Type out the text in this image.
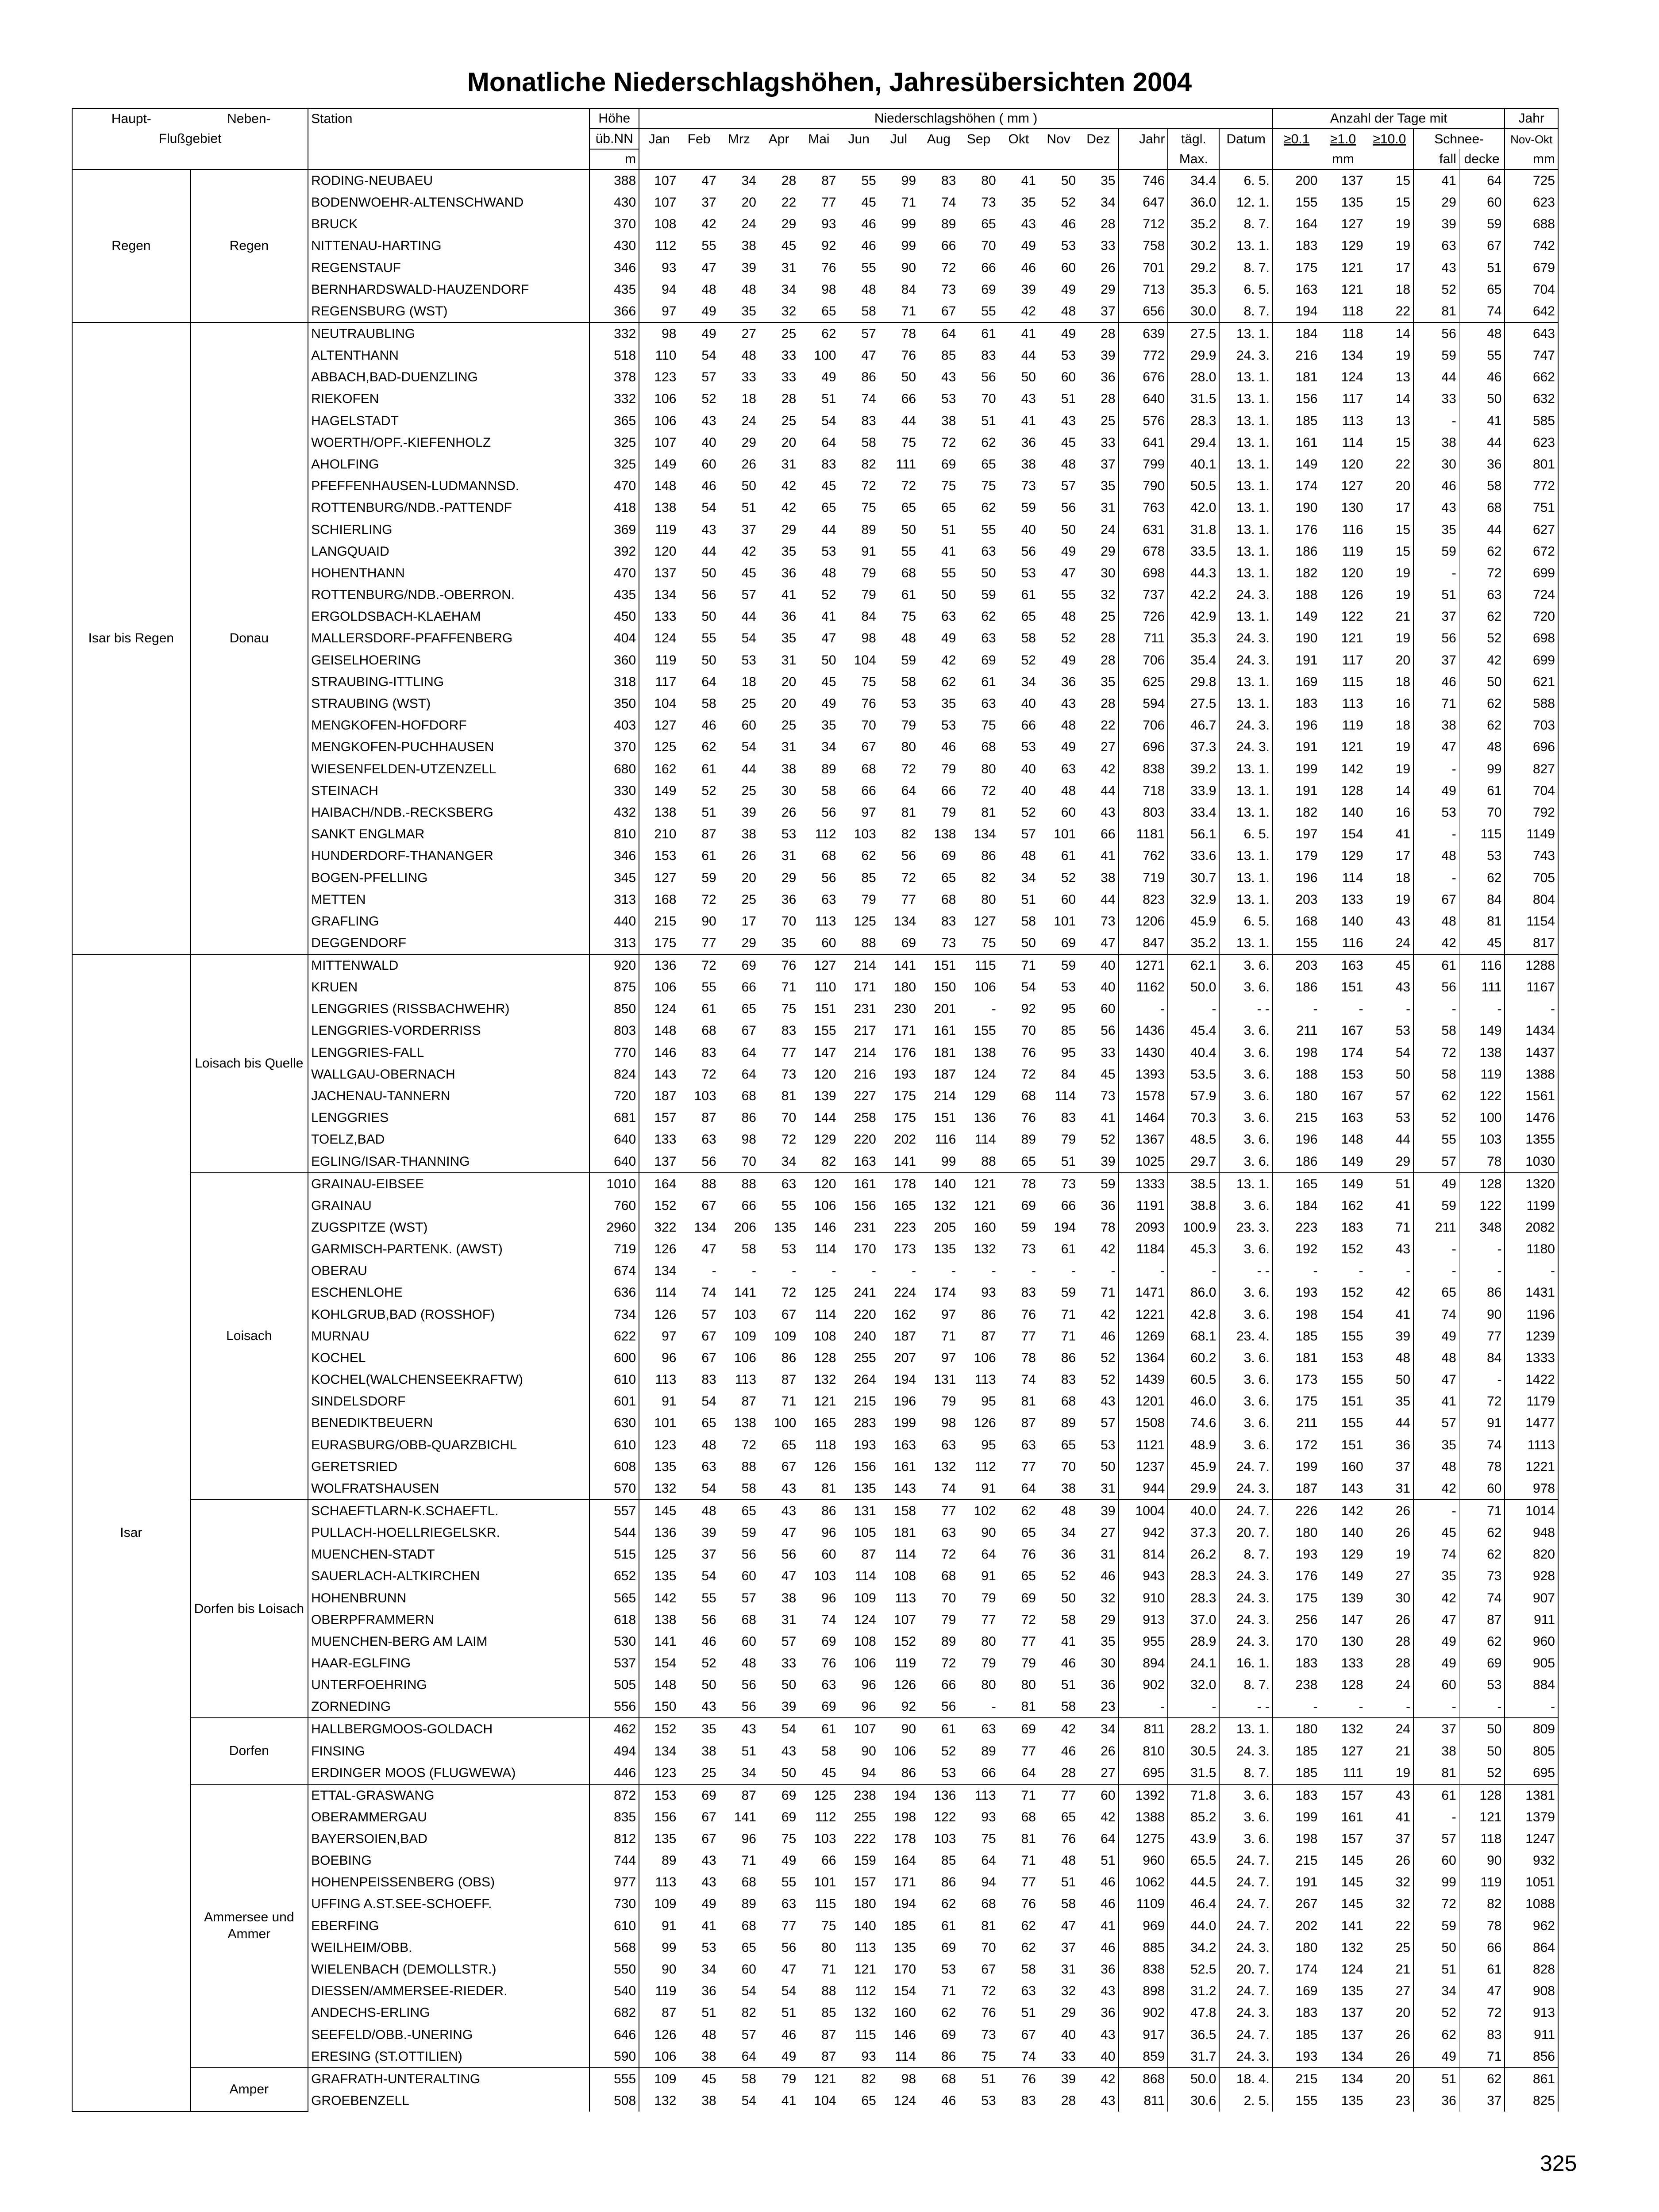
Monatliche Niederschlagshöhen, Jahresübersichten 2004
Haupt-	Neben-	Station	Höhe	Niederschlagshöhen ( mm )															Anzahl der Tage mit					Jahr
Flußgebiet			üb.NN	Jan	Feb	Mrz	Apr	Mai	Jun	Jul	Aug	Sep	Okt	Nov	Dez	Jahr	tägl.	Datum	≥0.1	≥1.0	≥10.0	Schnee-		Nov-Okt
			m														Max.		mm			fall	decke	mm
Regen	Regen	RODING-NEUBAEU	388	107	47	34	28	87	55	99	83	80	41	50	35	746	34.4	6. 5.	200	137	15	41	64	725
		BODENWOEHR-ALTENSCHWAND	430	107	37	20	22	77	45	71	74	73	35	52	34	647	36.0	12. 1.	155	135	15	29	60	623
		BRUCK	370	108	42	24	29	93	46	99	89	65	43	46	28	712	35.2	8. 7.	164	127	19	39	59	688
		NITTENAU-HARTING	430	112	55	38	45	92	46	99	66	70	49	53	33	758	30.2	13. 1.	183	129	19	63	67	742
		REGENSTAUF	346	93	47	39	31	76	55	90	72	66	46	60	26	701	29.2	8. 7.	175	121	17	43	51	679
		BERNHARDSWALD-HAUZENDORF	435	94	48	48	34	98	48	84	73	69	39	49	29	713	35.3	6. 5.	163	121	18	52	65	704
		REGENSBURG (WST)	366	97	49	35	32	65	58	71	67	55	42	48	37	656	30.0	8. 7.	194	118	22	81	74	642
Isar bis Regen	Donau	NEUTRAUBLING	332	98	49	27	25	62	57	78	64	61	41	49	28	639	27.5	13. 1.	184	118	14	56	48	643
		ALTENTHANN	518	110	54	48	33	100	47	76	85	83	44	53	39	772	29.9	24. 3.	216	134	19	59	55	747
		ABBACH,BAD-DUENZLING	378	123	57	33	33	49	86	50	43	56	50	60	36	676	28.0	13. 1.	181	124	13	44	46	662
		RIEKOFEN	332	106	52	18	28	51	74	66	53	70	43	51	28	640	31.5	13. 1.	156	117	14	33	50	632
		HAGELSTADT	365	106	43	24	25	54	83	44	38	51	41	43	25	576	28.3	13. 1.	185	113	13	-	41	585
		WOERTH/OPF.-KIEFENHOLZ	325	107	40	29	20	64	58	75	72	62	36	45	33	641	29.4	13. 1.	161	114	15	38	44	623
		AHOLFING	325	149	60	26	31	83	82	111	69	65	38	48	37	799	40.1	13. 1.	149	120	22	30	36	801
		PFEFFENHAUSEN-LUDMANNSD.	470	148	46	50	42	45	72	72	75	75	73	57	35	790	50.5	13. 1.	174	127	20	46	58	772
		ROTTENBURG/NDB.-PATTENDF	418	138	54	51	42	65	75	65	65	62	59	56	31	763	42.0	13. 1.	190	130	17	43	68	751
		SCHIERLING	369	119	43	37	29	44	89	50	51	55	40	50	24	631	31.8	13. 1.	176	116	15	35	44	627
		LANGQUAID	392	120	44	42	35	53	91	55	41	63	56	49	29	678	33.5	13. 1.	186	119	15	59	62	672
		HOHENTHANN	470	137	50	45	36	48	79	68	55	50	53	47	30	698	44.3	13. 1.	182	120	19	-	72	699
		ROTTENBURG/NDB.-OBERRON.	435	134	56	57	41	52	79	61	50	59	61	55	32	737	42.2	24. 3.	188	126	19	51	63	724
		ERGOLDSBACH-KLAEHAM	450	133	50	44	36	41	84	75	63	62	65	48	25	726	42.9	13. 1.	149	122	21	37	62	720
		MALLERSDORF-PFAFFENBERG	404	124	55	54	35	47	98	48	49	63	58	52	28	711	35.3	24. 3.	190	121	19	56	52	698
		GEISELHOERING	360	119	50	53	31	50	104	59	42	69	52	49	28	706	35.4	24. 3.	191	117	20	37	42	699
		STRAUBING-ITTLING	318	117	64	18	20	45	75	58	62	61	34	36	35	625	29.8	13. 1.	169	115	18	46	50	621
		STRAUBING (WST)	350	104	58	25	20	49	76	53	35	63	40	43	28	594	27.5	13. 1.	183	113	16	71	62	588
		MENGKOFEN-HOFDORF	403	127	46	60	25	35	70	79	53	75	66	48	22	706	46.7	24. 3.	196	119	18	38	62	703
		MENGKOFEN-PUCHHAUSEN	370	125	62	54	31	34	67	80	46	68	53	49	27	696	37.3	24. 3.	191	121	19	47	48	696
		WIESENFELDEN-UTZENZELL	680	162	61	44	38	89	68	72	79	80	40	63	42	838	39.2	13. 1.	199	142	19	-	99	827
		STEINACH	330	149	52	25	30	58	66	64	66	72	40	48	44	718	33.9	13. 1.	191	128	14	49	61	704
		HAIBACH/NDB.-RECKSBERG	432	138	51	39	26	56	97	81	79	81	52	60	43	803	33.4	13. 1.	182	140	16	53	70	792
		SANKT ENGLMAR	810	210	87	38	53	112	103	82	138	134	57	101	66	1181	56.1	6. 5.	197	154	41	-	115	1149
		HUNDERDORF-THANANGER	346	153	61	26	31	68	62	56	69	86	48	61	41	762	33.6	13. 1.	179	129	17	48	53	743
		BOGEN-PFELLING	345	127	59	20	29	56	85	72	65	82	34	52	38	719	30.7	13. 1.	196	114	18	-	62	705
		METTEN	313	168	72	25	36	63	79	77	68	80	51	60	44	823	32.9	13. 1.	203	133	19	67	84	804
		GRAFLING	440	215	90	17	70	113	125	134	83	127	58	101	73	1206	45.9	6. 5.	168	140	43	48	81	1154
		DEGGENDORF	313	175	77	29	35	60	88	69	73	75	50	69	47	847	35.2	13. 1.	155	116	24	42	45	817
Isar	Loisach bis Quelle	MITTENWALD	920	136	72	69	76	127	214	141	151	115	71	59	40	1271	62.1	3. 6.	203	163	45	61	116	1288
		KRUEN	875	106	55	66	71	110	171	180	150	106	54	53	40	1162	50.0	3. 6.	186	151	43	56	111	1167
		LENGGRIES (RISSBACHWEHR)	850	124	61	65	75	151	231	230	201	-	92	95	60	-	-	- -	-	-	-	-	-	-
		LENGGRIES-VORDERRISS	803	148	68	67	83	155	217	171	161	155	70	85	56	1436	45.4	3. 6.	211	167	53	58	149	1434
		LENGGRIES-FALL	770	146	83	64	77	147	214	176	181	138	76	95	33	1430	40.4	3. 6.	198	174	54	72	138	1437
		WALLGAU-OBERNACH	824	143	72	64	73	120	216	193	187	124	72	84	45	1393	53.5	3. 6.	188	153	50	58	119	1388
		JACHENAU-TANNERN	720	187	103	68	81	139	227	175	214	129	68	114	73	1578	57.9	3. 6.	180	167	57	62	122	1561
		LENGGRIES	681	157	87	86	70	144	258	175	151	136	76	83	41	1464	70.3	3. 6.	215	163	53	52	100	1476
		TOELZ,BAD	640	133	63	98	72	129	220	202	116	114	89	79	52	1367	48.5	3. 6.	196	148	44	55	103	1355
		EGLING/ISAR-THANNING	640	137	56	70	34	82	163	141	99	88	65	51	39	1025	29.7	3. 6.	186	149	29	57	78	1030
	Loisach	GRAINAU-EIBSEE	1010	164	88	88	63	120	161	178	140	121	78	73	59	1333	38.5	13. 1.	165	149	51	49	128	1320
		GRAINAU	760	152	67	66	55	106	156	165	132	121	69	66	36	1191	38.8	3. 6.	184	162	41	59	122	1199
		ZUGSPITZE (WST)	2960	322	134	206	135	146	231	223	205	160	59	194	78	2093	100.9	23. 3.	223	183	71	211	348	2082
		GARMISCH-PARTENK. (AWST)	719	126	47	58	53	114	170	173	135	132	73	61	42	1184	45.3	3. 6.	192	152	43	-	-	1180
		OBERAU	674	134	-	-	-	-	-	-	-	-	-	-	-	-	-	- -	-	-	-	-	-	-
		ESCHENLOHE	636	114	74	141	72	125	241	224	174	93	83	59	71	1471	86.0	3. 6.	193	152	42	65	86	1431
		KOHLGRUB,BAD (ROSSHOF)	734	126	57	103	67	114	220	162	97	86	76	71	42	1221	42.8	3. 6.	198	154	41	74	90	1196
		MURNAU	622	97	67	109	109	108	240	187	71	87	77	71	46	1269	68.1	23. 4.	185	155	39	49	77	1239
		KOCHEL	600	96	67	106	86	128	255	207	97	106	78	86	52	1364	60.2	3. 6.	181	153	48	48	84	1333
		KOCHEL(WALCHENSEEKRAFTW)	610	113	83	113	87	132	264	194	131	113	74	83	52	1439	60.5	3. 6.	173	155	50	47	-	1422
		SINDELSDORF	601	91	54	87	71	121	215	196	79	95	81	68	43	1201	46.0	3. 6.	175	151	35	41	72	1179
		BENEDIKTBEUERN	630	101	65	138	100	165	283	199	98	126	87	89	57	1508	74.6	3. 6.	211	155	44	57	91	1477
		EURASBURG/OBB-QUARZBICHL	610	123	48	72	65	118	193	163	63	95	63	65	53	1121	48.9	3. 6.	172	151	36	35	74	1113
		GERETSRIED	608	135	63	88	67	126	156	161	132	112	77	70	50	1237	45.9	24. 7.	199	160	37	48	78	1221
		WOLFRATSHAUSEN	570	132	54	58	43	81	135	143	74	91	64	38	31	944	29.9	24. 3.	187	143	31	42	60	978
	Dorfen bis Loisach	SCHAEFTLARN-K.SCHAEFTL.	557	145	48	65	43	86	131	158	77	102	62	48	39	1004	40.0	24. 7.	226	142	26	-	71	1014
		PULLACH-HOELLRIEGELSKR.	544	136	39	59	47	96	105	181	63	90	65	34	27	942	37.3	20. 7.	180	140	26	45	62	948
		MUENCHEN-STADT	515	125	37	56	56	60	87	114	72	64	76	36	31	814	26.2	8. 7.	193	129	19	74	62	820
		SAUERLACH-ALTKIRCHEN	652	135	54	60	47	103	114	108	68	91	65	52	46	943	28.3	24. 3.	176	149	27	35	73	928
		HOHENBRUNN	565	142	55	57	38	96	109	113	70	79	69	50	32	910	28.3	24. 3.	175	139	30	42	74	907
		OBERPFRAMMERN	618	138	56	68	31	74	124	107	79	77	72	58	29	913	37.0	24. 3.	256	147	26	47	87	911
		MUENCHEN-BERG AM LAIM	530	141	46	60	57	69	108	152	89	80	77	41	35	955	28.9	24. 3.	170	130	28	49	62	960
		HAAR-EGLFING	537	154	52	48	33	76	106	119	72	79	79	46	30	894	24.1	16. 1.	183	133	28	49	69	905
		UNTERFOEHRING	505	148	50	56	50	63	96	126	66	80	80	51	36	902	32.0	8. 7.	238	128	24	60	53	884
		ZORNEDING	556	150	43	56	39	69	96	92	56	-	81	58	23	-	-	- -	-	-	-	-	-	-
	Dorfen	HALLBERGMOOS-GOLDACH	462	152	35	43	54	61	107	90	61	63	69	42	34	811	28.2	13. 1.	180	132	24	37	50	809
		FINSING	494	134	38	51	43	58	90	106	52	89	77	46	26	810	30.5	24. 3.	185	127	21	38	50	805
		ERDINGER MOOS (FLUGWEWA)	446	123	25	34	50	45	94	86	53	66	64	28	27	695	31.5	8. 7.	185	111	19	81	52	695
	Ammersee und Ammer	ETTAL-GRASWANG	872	153	69	87	69	125	238	194	136	113	71	77	60	1392	71.8	3. 6.	183	157	43	61	128	1381
		OBERAMMERGAU	835	156	67	141	69	112	255	198	122	93	68	65	42	1388	85.2	3. 6.	199	161	41	-	121	1379
		BAYERSOIEN,BAD	812	135	67	96	75	103	222	178	103	75	81	76	64	1275	43.9	3. 6.	198	157	37	57	118	1247
		BOEBING	744	89	43	71	49	66	159	164	85	64	71	48	51	960	65.5	24. 7.	215	145	26	60	90	932
		HOHENPEISSENBERG (OBS)	977	113	43	68	55	101	157	171	86	94	77	51	46	1062	44.5	24. 7.	191	145	32	99	119	1051
		UFFING A.ST.SEE-SCHOEFF.	730	109	49	89	63	115	180	194	62	68	76	58	46	1109	46.4	24. 7.	267	145	32	72	82	1088
		EBERFING	610	91	41	68	77	75	140	185	61	81	62	47	41	969	44.0	24. 7.	202	141	22	59	78	962
		WEILHEIM/OBB.	568	99	53	65	56	80	113	135	69	70	62	37	46	885	34.2	24. 3.	180	132	25	50	66	864
		WIELENBACH (DEMOLLSTR.)	550	90	34	60	47	71	121	170	53	67	58	31	36	838	52.5	20. 7.	174	124	21	51	61	828
		DIESSEN/AMMERSEE-RIEDER.	540	119	36	54	54	88	112	154	71	72	63	32	43	898	31.2	24. 7.	169	135	27	34	47	908
		ANDECHS-ERLING	682	87	51	82	51	85	132	160	62	76	51	29	36	902	47.8	24. 3.	183	137	20	52	72	913
		SEEFELD/OBB.-UNERING	646	126	48	57	46	87	115	146	69	73	67	40	43	917	36.5	24. 7.	185	137	26	62	83	911
		ERESING (ST.OTTILIEN)	590	106	38	64	49	87	93	114	86	75	74	33	40	859	31.7	24. 3.	193	134	26	49	71	856
	Amper	GRAFRATH-UNTERALTING	555	109	45	58	79	121	82	98	68	51	76	39	42	868	50.0	18. 4.	215	134	20	51	62	861
		GROEBENZELL	508	132	38	54	41	104	65	124	46	53	83	28	43	811	30.6	2. 5.	155	135	23	36	37	825
325
